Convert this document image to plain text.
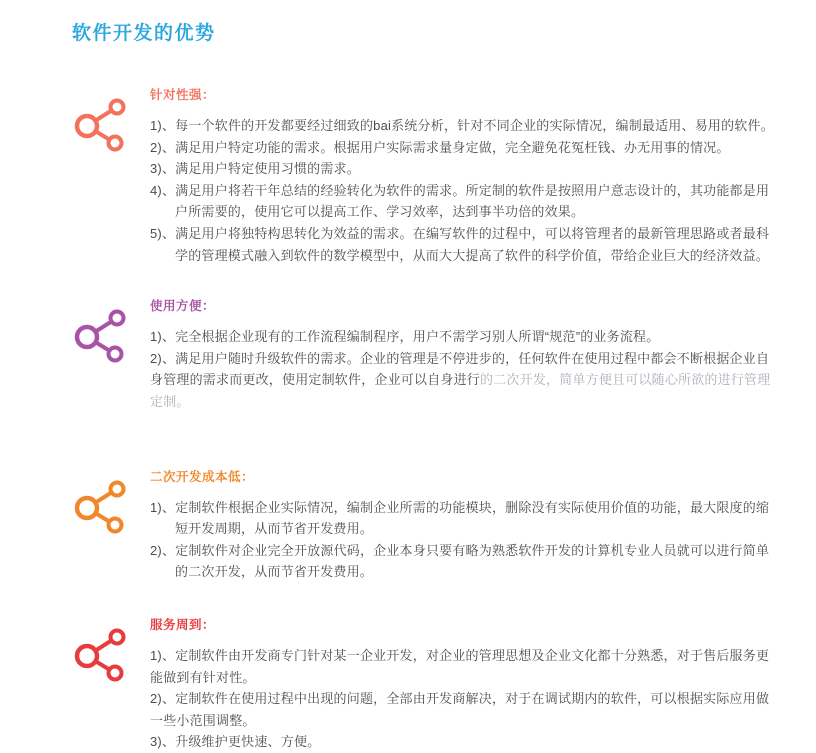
软件开发的优势
针对性强：

1)、每一个软件的开发都要经过细致的bai系统分析，针对不同企业的实际情况，编制最适用、易用的软件。

2)、满足用户特定功能的需求。根据用户实际需求量身定做，完全避免花冤枉钱、办无用事的情况。

3)、满足用户特定使用习惯的需求。

4)、满足用户将若干年总结的经验转化为软件的需求。所定制的软件是按照用户意志设计的，其功能都是用户所需要的，使用它可以提高工作、学习效率，达到事半功倍的效果。

5)、满足用户将独特构思转化为效益的需求。在编写软件的过程中，可以将管理者的最新管理思路或者最科学的管理模式融入到软件的数学模型中，从而大大提高了软件的科学价值，带给企业巨大的经济效益。

使用方便：

1)、完全根据企业现有的工作流程编制程序，用户不需学习别人所谓“规范”的业务流程。

2)、满足用户随时升级软件的需求。企业的管理是不停进步的，任何软件在使用过程中都会不断根据企业自身管理的需求而更改，使用定制软件，企业可以自身进行的二次开发，简单方便且可以随心所欲的进行管理定制。

二次开发成本低：

1)、定制软件根据企业实际情况，编制企业所需的功能模块，删除没有实际使用价值的功能，最大限度的缩短开发周期，从而节省开发费用。

2)、定制软件对企业完全开放源代码，企业本身只要有略为熟悉软件开发的计算机专业人员就可以进行简单的二次开发，从而节省开发费用。

服务周到：

1)、定制软件由开发商专门针对某一企业开发，对企业的管理思想及企业文化都十分熟悉，对于售后服务更能做到有针对性。

2)、定制软件在使用过程中出现的问题，全部由开发商解决，对于在调试期内的软件，可以根据实际应用做一些小范围调整。

3)、升级维护更快速、方便。
